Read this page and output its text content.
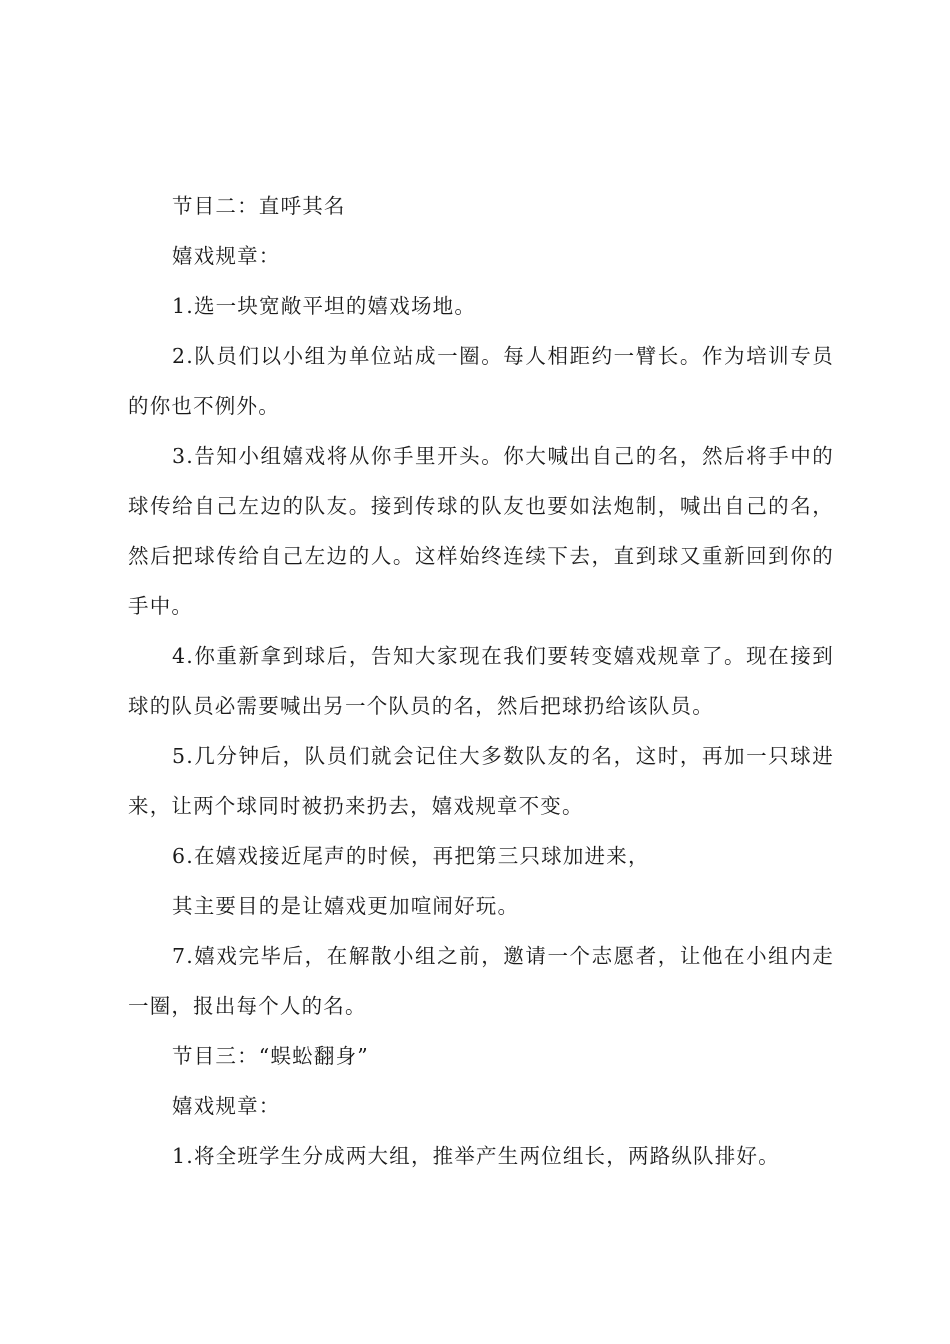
节目二：直呼其名

嬉戏规章：

1.选一块宽敞平坦的嬉戏场地。

2.队员们以小组为单位站成一圈。每人相距约一臂长。作为培训专员的你也不例外。

3.告知小组嬉戏将从你手里开头。你大喊出自己的名，然后将手中的球传给自己左边的队友。接到传球的队友也要如法炮制，喊出自己的名，然后把球传给自己左边的人。这样始终连续下去，直到球又重新回到你的手中。

4.你重新拿到球后，告知大家现在我们要转变嬉戏规章了。现在接到球的队员必需要喊出另一个队员的名，然后把球扔给该队员。

5.几分钟后，队员们就会记住大多数队友的名，这时，再加一只球进来，让两个球同时被扔来扔去，嬉戏规章不变。

6.在嬉戏接近尾声的时候，再把第三只球加进来，

其主要目的是让嬉戏更加喧闹好玩。

7.嬉戏完毕后，在解散小组之前，邀请一个志愿者，让他在小组内走一圈，报出每个人的名。

节目三：“蜈蚣翻身”

嬉戏规章：

1.将全班学生分成两大组，推举产生两位组长，两路纵队排好。
